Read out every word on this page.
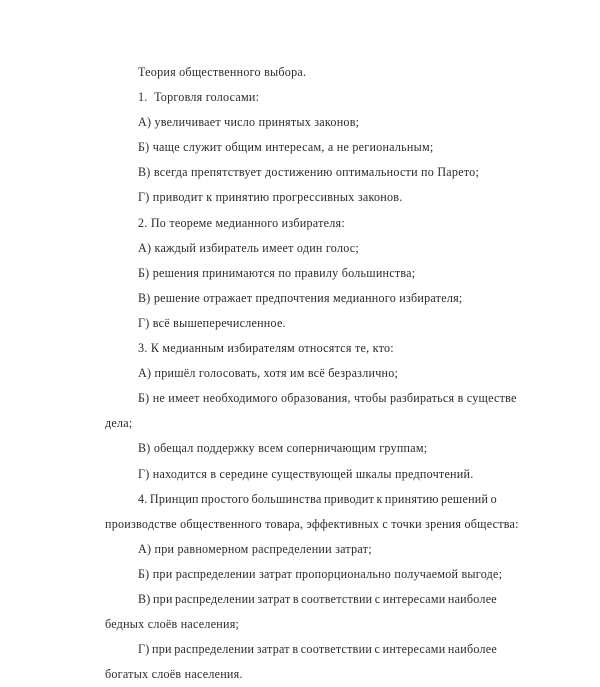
Теория общественного выбора.
1.  Торговля голосами:
А) увеличивает число принятых законов;
Б) чаще служит общим интересам, а не региональным;
В) всегда препятствует достижению оптимальности по Парето;
Г) приводит к принятию прогрессивных законов.
2. По теореме медианного избирателя:
А) каждый избиратель имеет один голос;
Б) решения принимаются по правилу большинства;
В) решение отражает предпочтения медианного избирателя;
Г) всё вышеперечисленное.
3. К медианным избирателям относятся те, кто:
А) пришёл голосовать, хотя им всё безразлично;
Б) не имеет необходимого образования, чтобы разбираться в существе
дела;
В) обещал поддержку всем соперничающим группам;
Г) находится в середине существующей шкалы предпочтений.
4. Принцип простого большинства приводит к принятию решений о
производстве общественного товара, эффективных с точки зрения общества:
А) при равномерном распределении затрат;
Б) при распределении затрат пропорционально получаемой выгоде;
В) при распределении затрат в соответствии с интересами наиболее
бедных слоёв населения;
Г) при распределении затрат в соответствии с интересами наиболее
богатых слоёв населения.
